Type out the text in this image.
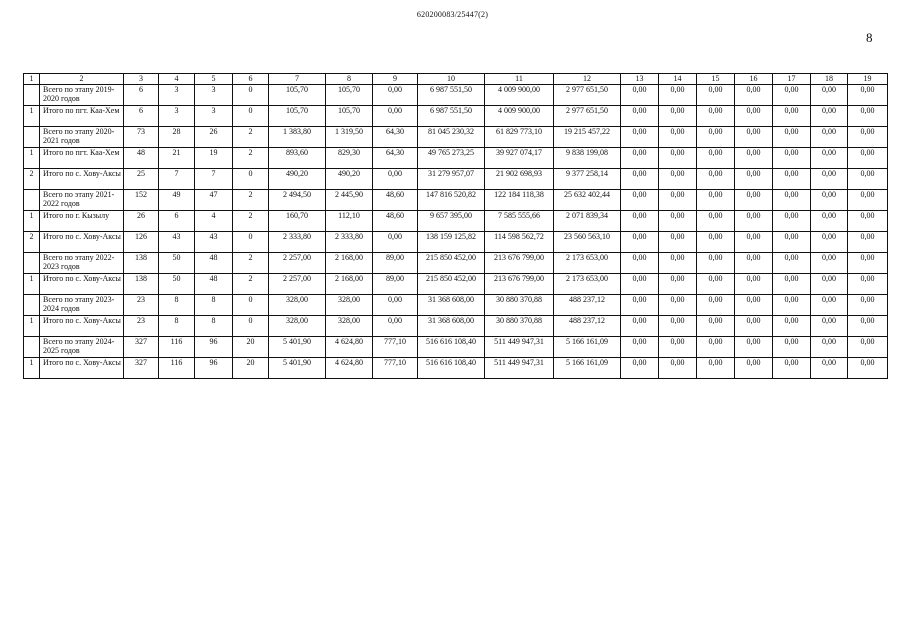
620200083/25447(2)
8
1	2	3	4	5	6	7	8	9	10	11	12	13	14	15	16	17	18	19
	Всего по этапу 2019-2020 годов	6	3	3	0	105,70	105,70	0,00	6 987 551,50	4 009 900,00	2 977 651,50	0,00	0,00	0,00	0,00	0,00	0,00	0,00
1	Итого по пгт. Каа-Хем	6	3	3	0	105,70	105,70	0,00	6 987 551,50	4 009 900,00	2 977 651,50	0,00	0,00	0,00	0,00	0,00	0,00	0,00
	Всего по этапу 2020-2021 годов	73	28	26	2	1 383,80	1 319,50	64,30	81 045 230,32	61 829 773,10	19 215 457,22	0,00	0,00	0,00	0,00	0,00	0,00	0,00
1	Итого по пгт. Каа-Хем	48	21	19	2	893,60	829,30	64,30	49 765 273,25	39 927 074,17	9 838 199,08	0,00	0,00	0,00	0,00	0,00	0,00	0,00
2	Итого по с. Хову-Аксы	25	7	7	0	490,20	490,20	0,00	31 279 957,07	21 902 698,93	9 377 258,14	0,00	0,00	0,00	0,00	0,00	0,00	0,00
	Всего по этапу 2021-2022 годов	152	49	47	2	2 494,50	2 445,90	48,60	147 816 520,82	122 184 118,38	25 632 402,44	0,00	0,00	0,00	0,00	0,00	0,00	0,00
1	Итого по г. Кызылу	26	6	4	2	160,70	112,10	48,60	9 657 395,00	7 585 555,66	2 071 839,34	0,00	0,00	0,00	0,00	0,00	0,00	0,00
2	Итого по с. Хову-Аксы	126	43	43	0	2 333,80	2 333,80	0,00	138 159 125,82	114 598 562,72	23 560 563,10	0,00	0,00	0,00	0,00	0,00	0,00	0,00
	Всего по этапу 2022-2023 годов	138	50	48	2	2 257,00	2 168,00	89,00	215 850 452,00	213 676 799,00	2 173 653,00	0,00	0,00	0,00	0,00	0,00	0,00	0,00
1	Итого по с. Хову-Аксы	138	50	48	2	2 257,00	2 168,00	89,00	215 850 452,00	213 676 799,00	2 173 653,00	0,00	0,00	0,00	0,00	0,00	0,00	0,00
	Всего по этапу 2023-2024 годов	23	8	8	0	328,00	328,00	0,00	31 368 608,00	30 880 370,88	488 237,12	0,00	0,00	0,00	0,00	0,00	0,00	0,00
1	Итого по с. Хову-Аксы	23	8	8	0	328,00	328,00	0,00	31 368 608,00	30 880 370,88	488 237,12	0,00	0,00	0,00	0,00	0,00	0,00	0,00
	Всего по этапу 2024-2025 годов	327	116	96	20	5 401,90	4 624,80	777,10	516 616 108,40	511 449 947,31	5 166 161,09	0,00	0,00	0,00	0,00	0,00	0,00	0,00
1	Итого по с. Хову-Аксы	327	116	96	20	5 401,90	4 624,80	777,10	516 616 108,40	511 449 947,31	5 166 161,09	0,00	0,00	0,00	0,00	0,00	0,00	0,00
